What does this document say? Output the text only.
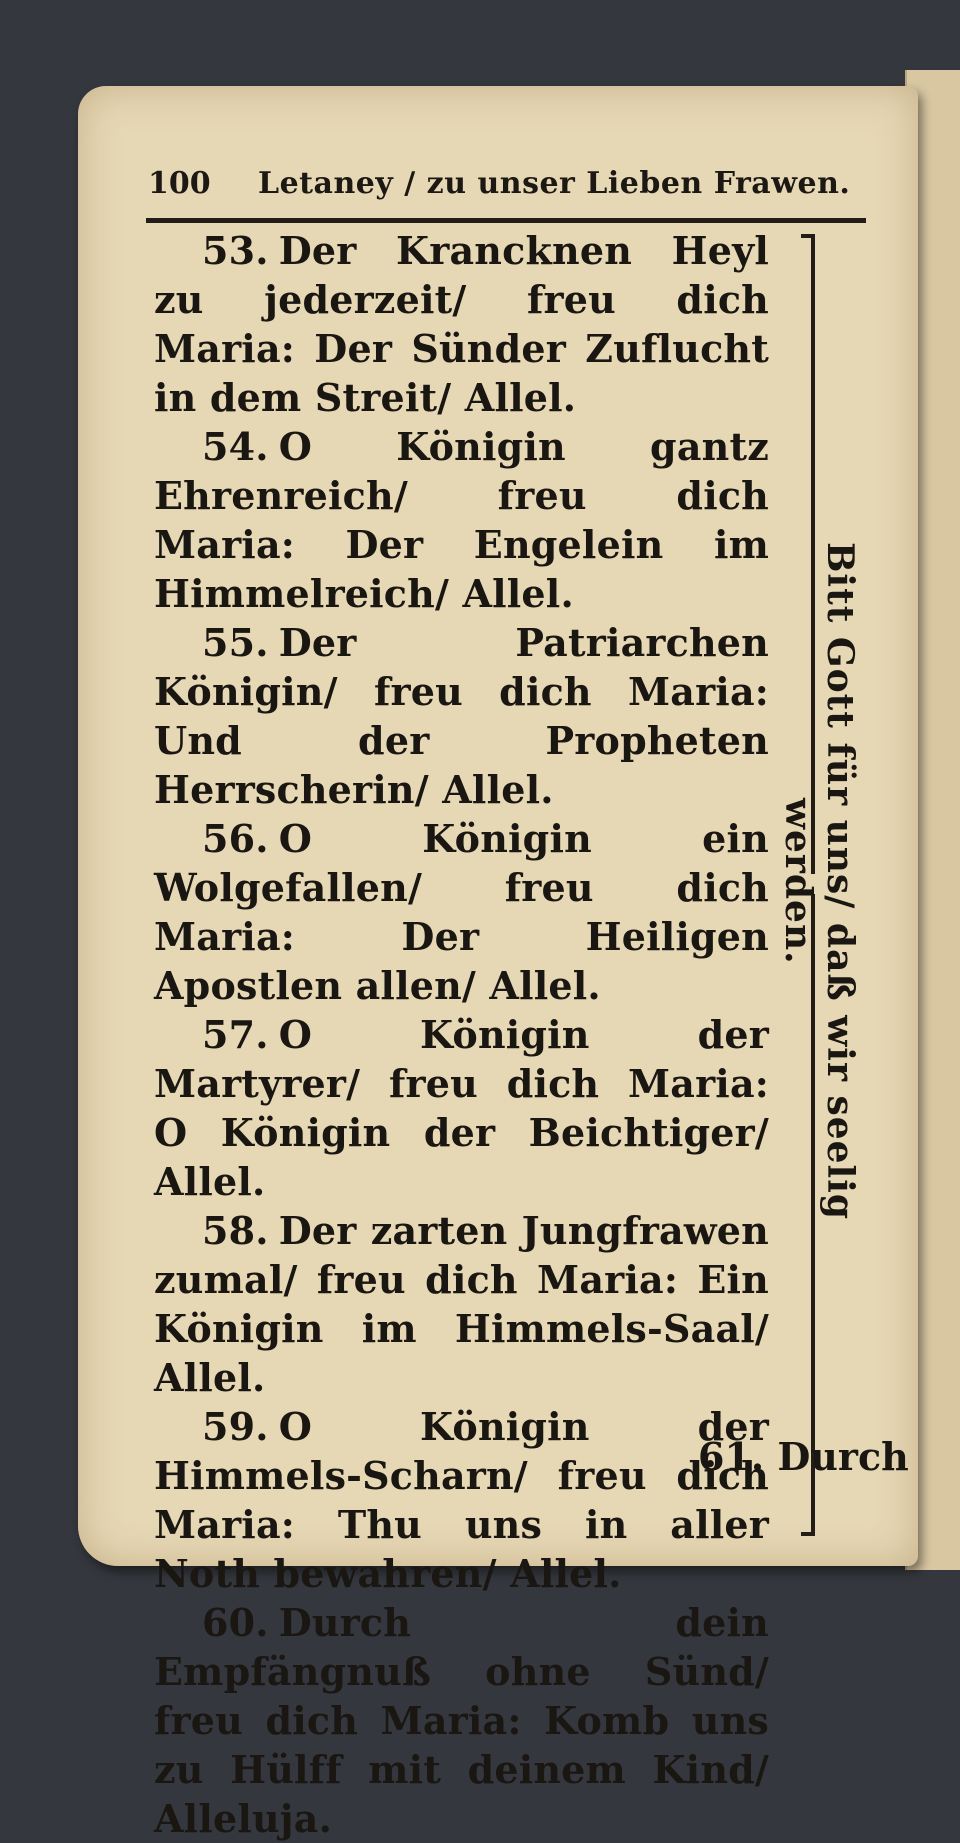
100 Letaney / zu unser Lieben Frawen.

53. Der Krancknen Heyl zu jederzeit/ freu dich Maria: Der Sünder Zuflucht in dem Streit/ Allel.

54. O Königin gantz Ehrenreich/ freu dich Maria: Der Engelein im Himmelreich/ Allel.

55. Der Patriarchen Königin/ freu dich Maria: Und der Propheten Herrscherin/ Allel.

56. O Königin ein Wolgefallen/ freu dich Maria: Der Heiligen Apostlen allen/ Allel.

57. O Königin der Martyrer/ freu dich Maria: O Königin der Beichtiger/ Allel.

58. Der zarten Jungfrawen zumal/ freu dich Maria: Ein Königin im Himmels-Saal/ Allel.

59. O Königin der Himmels-Scharn/ freu dich Maria: Thu uns in aller Noth bewahren/ Allel.

60. Durch dein Empfängnuß ohne Sünd/ freu dich Maria: Komb uns zu Hülff mit deinem Kind/ Alleluja.

Bitt Gott für uns/ daß wir seelig werden.
61. Durch
